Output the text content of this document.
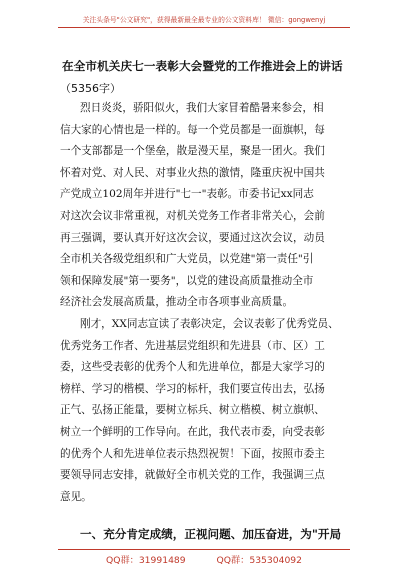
关注头条号"公文研究"，获得最新最全最专业的公文资料库！ 微信：gongwenyj
在全市机关庆七一表彰大会暨党的工作推进会上的讲话
（5356字）
烈日炎炎，骄阳似火，我们大家冒着酷暑来参会，相
信大家的心情也是一样的。每一个党员都是一面旗帜，每
一个支部都是一个堡垒，散是漫天星，聚是一团火。我们
怀着对党、对人民、对事业火热的激情，隆重庆祝中国共
产党成立102周年并进行"七一"表彰。市委书记xx同志
对这次会议非常重视，对机关党务工作者非常关心，会前
再三强调，要认真开好这次会议，要通过这次会议，动员
全市机关各级党组织和广大党员，以党建"第一责任"引
领和保障发展"第一要务"，以党的建设高质量推动全市
经济社会发展高质量，推动全市各项事业高质量。
刚才，XX同志宣读了表彰决定，会议表彰了优秀党员、
优秀党务工作者、先进基层党组织和先进县（市、区）工
委，这些受表彰的优秀个人和先进单位，都是大家学习的
榜样、学习的楷模、学习的标杆，我们要宣传出去，弘扬
正气、弘扬正能量，要树立标兵、树立楷模、树立旗帜、
树立一个鲜明的工作导向。在此，我代表市委，向受表彰
的优秀个人和先进单位表示热烈祝贺！下面，按照市委主
要领导同志安排，就做好全市机关党的工作，我强调三点
意见。
一、充分肯定成绩，正视问题、加压奋进，为"开局
QQ群：31991489	QQ群：535304092
